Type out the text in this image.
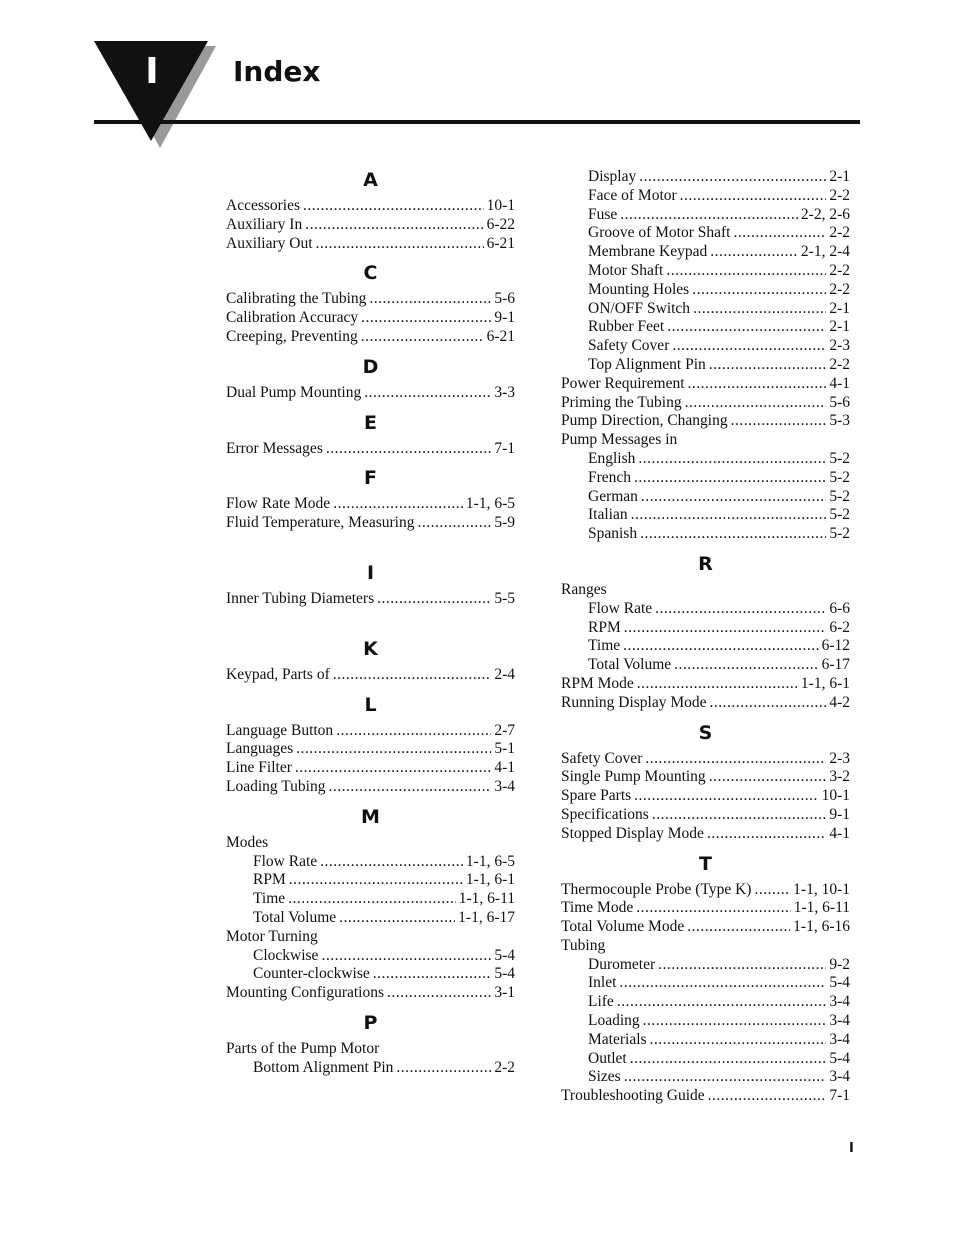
I	Index
A
Accessories .....	10-1
Auxiliary In .....	6-22
Auxiliary Out .....	6-21
C
Calibrating the Tubing .....	5-6
Calibration Accuracy .....	9-1
Creeping, Preventing .....	6-21
D
Dual Pump Mounting .....	3-3
E
Error Messages .....	7-1
F
Flow Rate Mode .....	1-1, 6-5
Fluid Temperature, Measuring .....	5-9
I
Inner Tubing Diameters .....	5-5
K
Keypad, Parts of .....	2-4
L
Language Button .....	2-7
Languages .....	5-1
Line Filter .....	4-1
Loading Tubing .....	3-4
M
Modes
Flow Rate .....	1-1, 6-5
RPM .....	1-1, 6-1
Time .....	1-1, 6-11
Total Volume .....	1-1, 6-17
Motor Turning
Clockwise .....	5-4
Counter-clockwise .....	5-4
Mounting Configurations .....	3-1
P
Parts of the Pump Motor
Bottom Alignment Pin .....	2-2
Display .....	2-1
Face of Motor .....	2-2
Fuse .....	2-2, 2-6
Groove of Motor Shaft .....	2-2
Membrane Keypad .....	2-1, 2-4
Motor Shaft .....	2-2
Mounting Holes .....	2-2
ON/OFF Switch .....	2-1
Rubber Feet .....	2-1
Safety Cover .....	2-3
Top Alignment Pin .....	2-2
Power Requirement .....	4-1
Priming the Tubing .....	5-6
Pump Direction, Changing .....	5-3
Pump Messages in
English .....	5-2
French .....	5-2
German .....	5-2
Italian .....	5-2
Spanish .....	5-2
R
Ranges
Flow Rate .....	6-6
RPM .....	6-2
Time .....	6-12
Total Volume .....	6-17
RPM Mode .....	1-1, 6-1
Running Display Mode .....	4-2
S
Safety Cover .....	2-3
Single Pump Mounting .....	3-2
Spare Parts .....	10-1
Specifications .....	9-1
Stopped Display Mode .....	4-1
T
Thermocouple Probe (Type K) .....	1-1, 10-1
Time Mode .....	1-1, 6-11
Total Volume Mode .....	1-1, 6-16
Tubing
Durometer .....	9-2
Inlet .....	5-4
Life .....	3-4
Loading .....	3-4
Materials .....	3-4
Outlet .....	5-4
Sizes .....	3-4
Troubleshooting Guide .....	7-1
I
